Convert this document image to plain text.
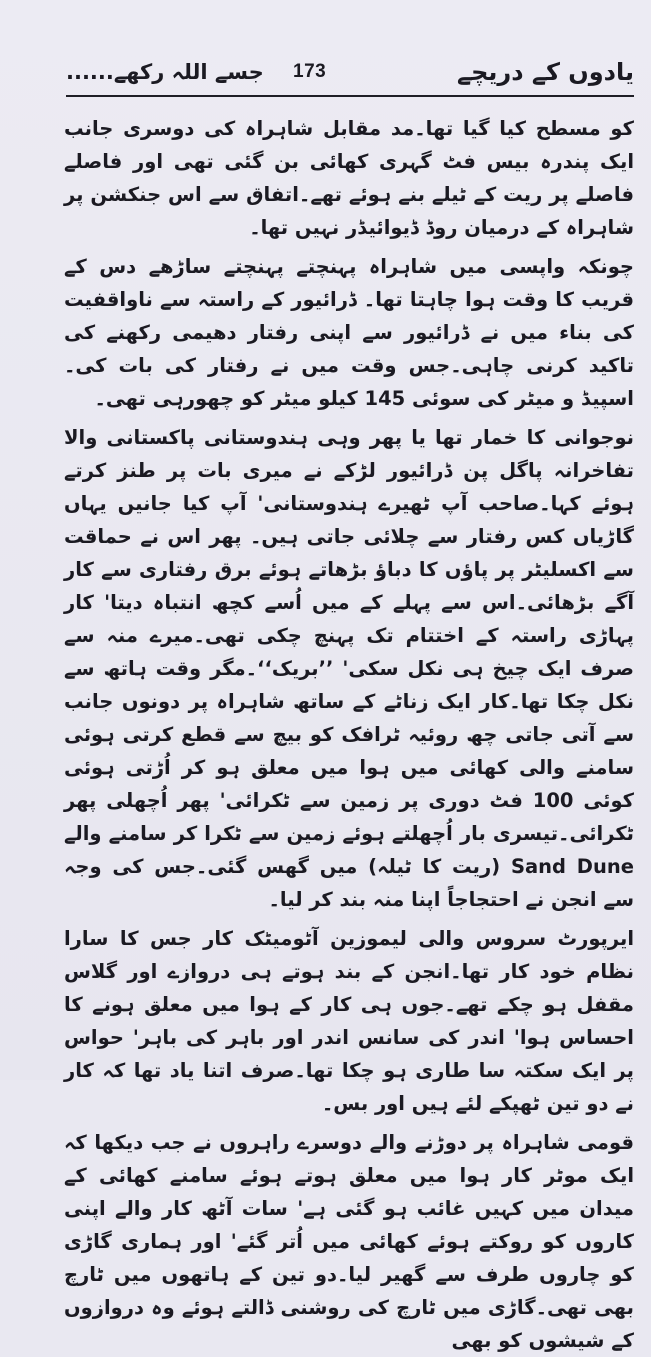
جسے اللہ رکھے...... 173	یادوں کے دریچے

کو مسطح کیا گیا تھا۔مد مقابل شاہراہ کی دوسری جانب ایک پندرہ بیس فٹ گہری کھائی بن گئی تھی اور فاصلے فاصلے پر ریت کے ٹیلے بنے ہوئے تھے۔اتفاق سے اس جنکشن پر شاہراہ کے درمیان روڈ ڈیوائیڈر نہیں تھا۔

چونکہ واپسی میں شاہراہ پہنچتے پہنچتے ساڑھے دس کے قریب کا وقت ہوا چاہتا تھا۔ ڈرائیور کے راستہ سے ناواقفیت کی بناء میں نے ڈرائیور سے اپنی رفتار دھیمی رکھنے کی تاکید کرنی چاہی۔جس وقت میں نے رفتار کی بات کی۔اسپیڈ و میٹر کی سوئی 145 کیلو میٹر کو چھورہی تھی۔

نوجوانی کا خمار تھا یا پھر وہی ہندوستانی پاکستانی والا تفاخرانہ پاگل پن ڈرائیور لڑکے نے میری بات پر طنز کرتے ہوئے کہا۔صاحب آپ ٹھیرے ہندوستانی' آپ کیا جانیں یہاں گاڑیاں کس رفتار سے چلائی جاتی ہیں۔ پھر اس نے حماقت سے اکسلیٹر پر پاؤں کا دباؤ بڑھاتے ہوئے برق رفتاری سے کار آگے بڑھائی۔اس سے پہلے کے میں اُسے کچھ انتباہ دیتا' کار پہاڑی راستہ کے اختتام تک پہنچ چکی تھی۔میرے منہ سے صرف ایک چیخ ہی نکل سکی' ’’بریک‘‘۔مگر وقت ہاتھ سے نکل چکا تھا۔کار ایک زناٹے کے ساتھ شاہراہ پر دونوں جانب سے آتی جاتی چھ روئیہ ٹرافک کو بیچ سے قطع کرتی ہوئی سامنے والی کھائی میں ہوا میں معلق ہو کر اُڑتی ہوئی کوئی 100 فٹ دوری پر زمین سے ٹکرائی' پھر اُچھلی پھر ٹکرائی۔تیسری بار اُچھلتے ہوئے زمین سے ٹکرا کر سامنے والے Sand Dune (ریت کا ٹیلہ) میں گھس گئی۔جس کی وجہ سے انجن نے احتجاجاً اپنا منہ بند کر لیا۔

ایرپورٹ سروس والی لیموزین آٹومیٹک کار جس کا سارا نظام خود کار تھا۔انجن کے بند ہوتے ہی دروازے اور گلاس مقفل ہو چکے تھے۔جوں ہی کار کے ہوا میں معلق ہونے کا احساس ہوا' اندر کی سانس اندر اور باہر کی باہر' حواس پر ایک سکتہ سا طاری ہو چکا تھا۔صرف اتنا یاد تھا کہ کار نے دو تین ٹھپکے لئے ہیں اور بس۔

قومی شاہراہ پر دوڑنے والے دوسرے راہروں نے جب دیکھا کہ ایک موٹر کار ہوا میں معلق ہوتے ہوئے سامنے کھائی کے میدان میں کہیں غائب ہو گئی ہے' سات آٹھ کار والے اپنی کاروں کو روکتے ہوئے کھائی میں اُتر گئے' اور ہماری گاڑی کو چاروں طرف سے گھیر لیا۔دو تین کے ہاتھوں میں ٹارچ بھی تھی۔گاڑی میں ٹارچ کی روشنی ڈالتے ہوئے وہ دروازوں کے شیشوں کو بھی
